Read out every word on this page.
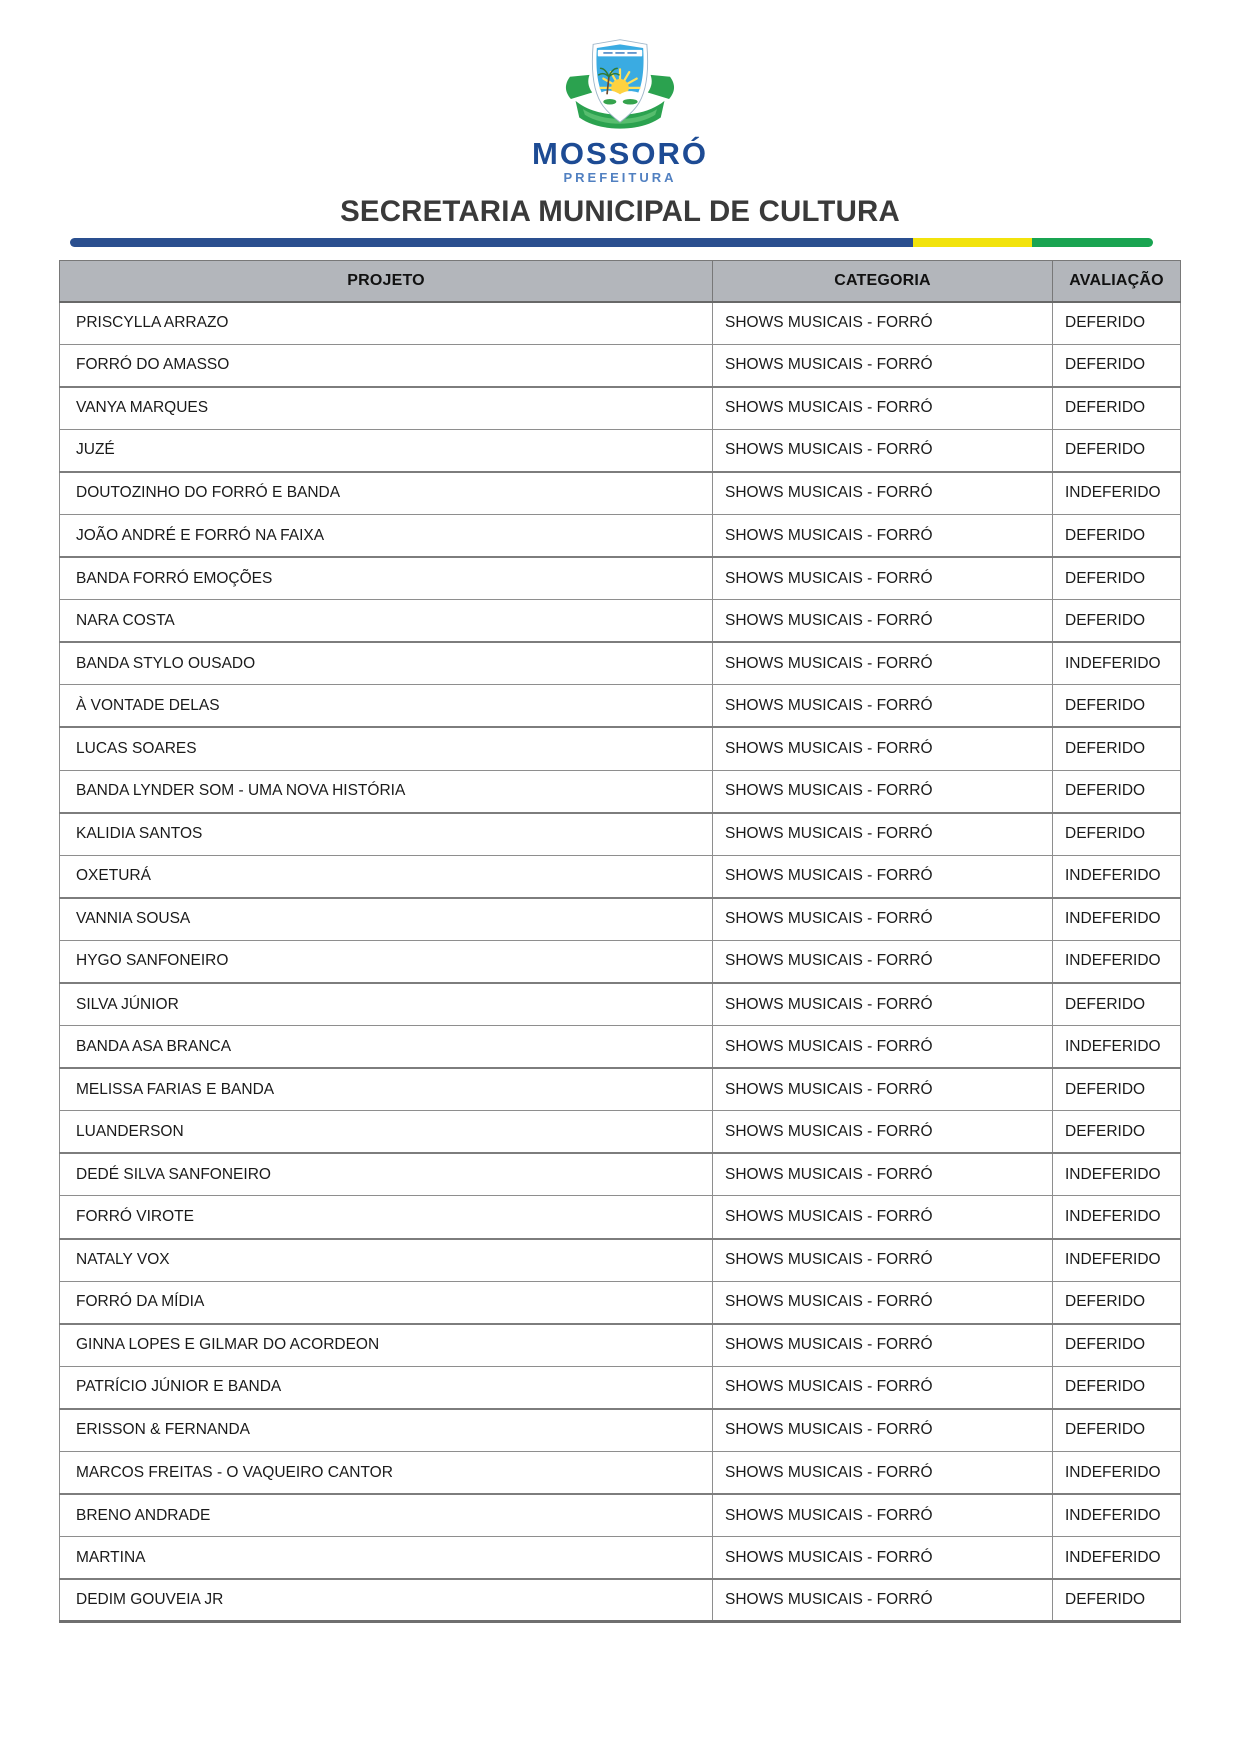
MOSSORÓ
PREFEITURA
SECRETARIA MUNICIPAL DE CULTURA
PROJETO	CATEGORIA	AVALIAÇÃO
PRISCYLLA ARRAZO	SHOWS MUSICAIS - FORRÓ	DEFERIDO
FORRÓ DO AMASSO	SHOWS MUSICAIS - FORRÓ	DEFERIDO
VANYA MARQUES	SHOWS MUSICAIS - FORRÓ	DEFERIDO
JUZÉ	SHOWS MUSICAIS - FORRÓ	DEFERIDO
DOUTOZINHO DO FORRÓ E BANDA	SHOWS MUSICAIS - FORRÓ	INDEFERIDO
JOÃO ANDRÉ E FORRÓ NA FAIXA	SHOWS MUSICAIS - FORRÓ	DEFERIDO
BANDA FORRÓ EMOÇÕES	SHOWS MUSICAIS - FORRÓ	DEFERIDO
NARA COSTA	SHOWS MUSICAIS - FORRÓ	DEFERIDO
BANDA STYLO OUSADO	SHOWS MUSICAIS - FORRÓ	INDEFERIDO
À VONTADE DELAS	SHOWS MUSICAIS - FORRÓ	DEFERIDO
LUCAS SOARES	SHOWS MUSICAIS - FORRÓ	DEFERIDO
BANDA LYNDER SOM - UMA NOVA HISTÓRIA	SHOWS MUSICAIS - FORRÓ	DEFERIDO
KALIDIA SANTOS	SHOWS MUSICAIS - FORRÓ	DEFERIDO
OXETURÁ	SHOWS MUSICAIS - FORRÓ	INDEFERIDO
VANNIA SOUSA	SHOWS MUSICAIS - FORRÓ	INDEFERIDO
HYGO SANFONEIRO	SHOWS MUSICAIS - FORRÓ	INDEFERIDO
SILVA JÚNIOR	SHOWS MUSICAIS - FORRÓ	DEFERIDO
BANDA ASA BRANCA	SHOWS MUSICAIS - FORRÓ	INDEFERIDO
MELISSA FARIAS E BANDA	SHOWS MUSICAIS - FORRÓ	DEFERIDO
LUANDERSON	SHOWS MUSICAIS - FORRÓ	DEFERIDO
DEDÉ SILVA SANFONEIRO	SHOWS MUSICAIS - FORRÓ	INDEFERIDO
FORRÓ VIROTE	SHOWS MUSICAIS - FORRÓ	INDEFERIDO
NATALY VOX	SHOWS MUSICAIS - FORRÓ	INDEFERIDO
FORRÓ DA MÍDIA	SHOWS MUSICAIS - FORRÓ	DEFERIDO
GINNA LOPES E GILMAR DO ACORDEON	SHOWS MUSICAIS - FORRÓ	DEFERIDO
PATRÍCIO JÚNIOR E BANDA	SHOWS MUSICAIS - FORRÓ	DEFERIDO
ERISSON & FERNANDA	SHOWS MUSICAIS - FORRÓ	DEFERIDO
MARCOS FREITAS - O VAQUEIRO CANTOR	SHOWS MUSICAIS - FORRÓ	INDEFERIDO
BRENO ANDRADE	SHOWS MUSICAIS - FORRÓ	INDEFERIDO
MARTINA	SHOWS MUSICAIS - FORRÓ	INDEFERIDO
DEDIM GOUVEIA JR	SHOWS MUSICAIS - FORRÓ	DEFERIDO
